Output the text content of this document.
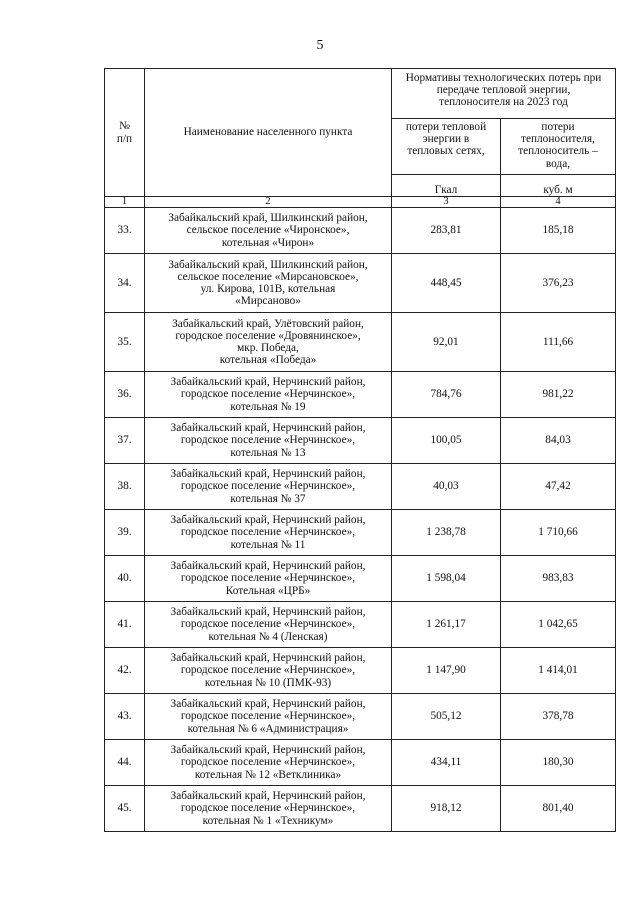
5
№
п/п	Наименование населенного пункта	Нормативы технологических потерь при
передаче тепловой энергии,
теплоносителя на 2023 год	
		потери тепловой
энергии в
тепловых сетях,	потери
теплоносителя,
теплоноситель –
вода,
		Гкал	куб. м
1	2	3	4
33.	Забайкальский край, Шилкинский район,
сельское поселение «Чиронское»,
котельная «Чирон»	283,81	185,18
34.	Забайкальский край, Шилкинский район,
сельское поселение «Мирсановское»,
ул. Кирова, 101В, котельная
«Мирсаново»	448,45	376,23
35.	Забайкальский край, Улётовский район,
городское поселение «Дровянинское»,
мкр. Победа,
котельная «Победа»	92,01	111,66
36.	Забайкальский край, Нерчинский район,
городское поселение «Нерчинское»,
котельная № 19	784,76	981,22
37.	Забайкальский край, Нерчинский район,
городское поселение «Нерчинское»,
котельная № 13	100,05	84,03
38.	Забайкальский край, Нерчинский район,
городское поселение «Нерчинское»,
котельная № 37	40,03	47,42
39.	Забайкальский край, Нерчинский район,
городское поселение «Нерчинское»,
котельная № 11	1 238,78	1 710,66
40.	Забайкальский край, Нерчинский район,
городское поселение «Нерчинское»,
Котельная «ЦРБ»	1 598,04	983,83
41.	Забайкальский край, Нерчинский район,
городское поселение «Нерчинское»,
котельная № 4 (Ленская)	1 261,17	1 042,65
42.	Забайкальский край, Нерчинский район,
городское поселение «Нерчинское»,
котельная № 10 (ПМК-93)	1 147,90	1 414,01
43.	Забайкальский край, Нерчинский район,
городское поселение «Нерчинское»,
котельная № 6 «Администрация»	505,12	378,78
44.	Забайкальский край, Нерчинский район,
городское поселение «Нерчинское»,
котельная № 12 «Ветклиника»	434,11	180,30
45.	Забайкальский край, Нерчинский район,
городское поселение «Нерчинское»,
котельная № 1 «Техникум»	918,12	801,40
